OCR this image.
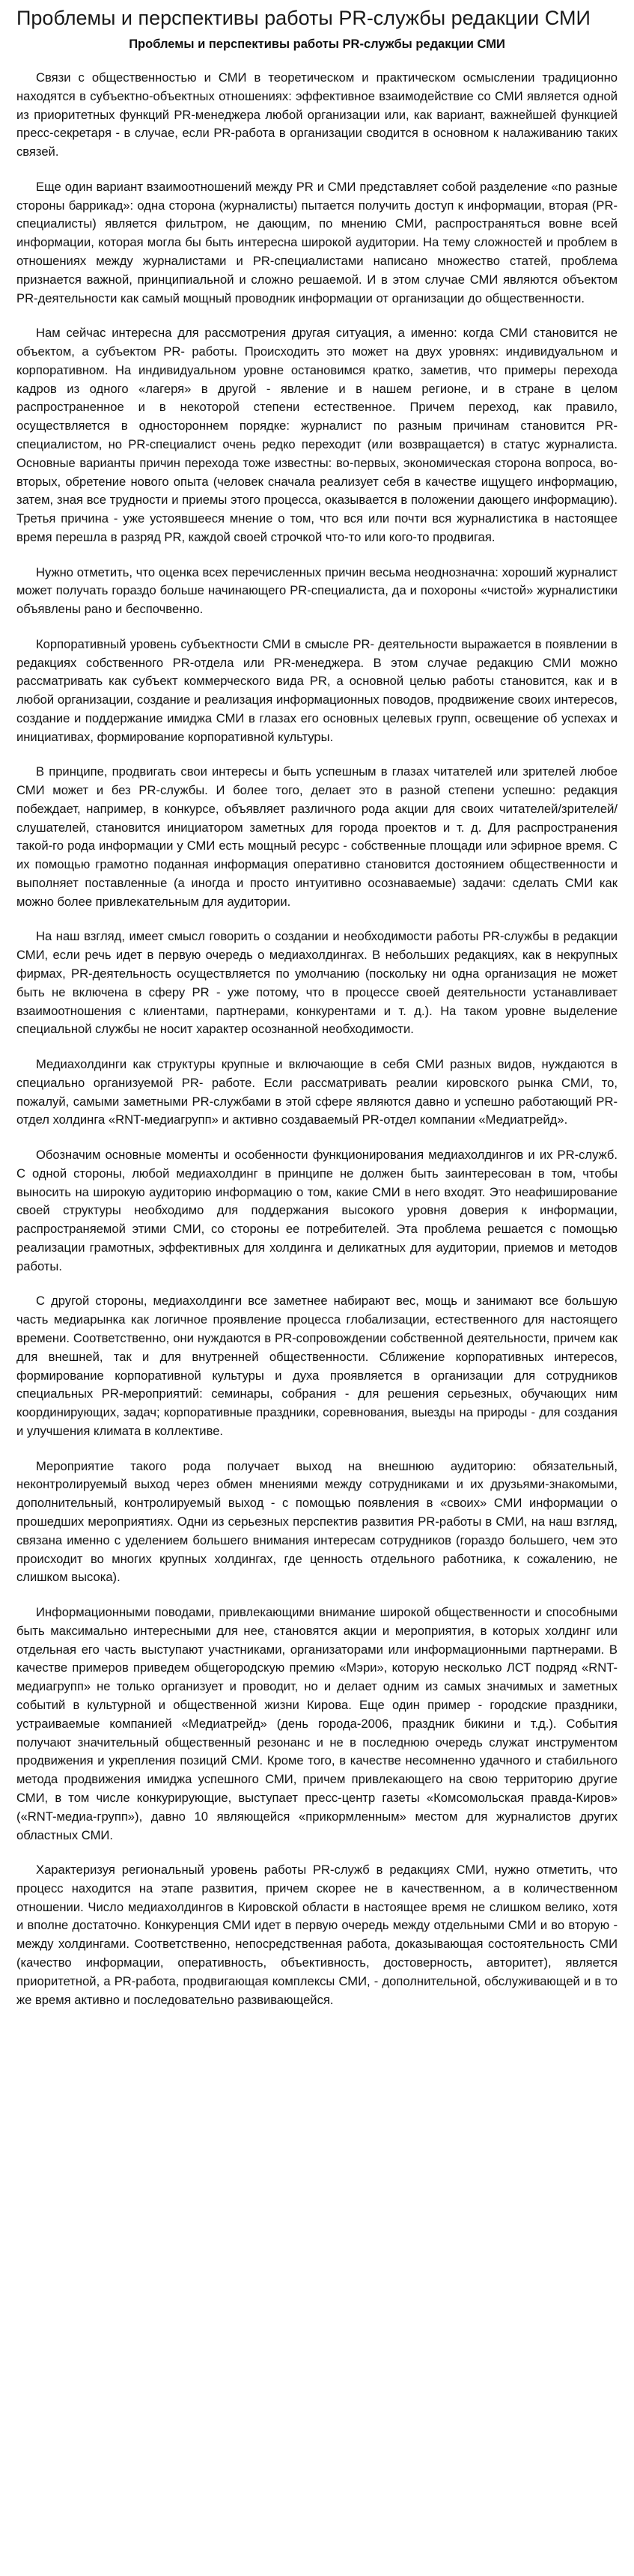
Проблемы и перспективы работы PR-службы редакции СМИ
Проблемы и перспективы работы PR-службы редакции СМИ

Связи с общественностью и СМИ в теоретическом и практическом осмыслении традиционно находятся в субъектно-объектных отношениях: эффективное взаимодействие со СМИ является одной из приоритетных функций PR-менеджера любой организации или, как вариант, важнейшей функцией пресс-секретаря - в случае, если PR-работа в организации сводится в основном к налаживанию таких связей.

Еще один вариант взаимоотношений между PR и СМИ представляет собой разделение «по разные стороны баррикад»: одна сторона (журналисты) пытается получить доступ к информации, вторая (PR-специалисты) является фильтром, не дающим, по мнению СМИ, распространяться вовне всей информации, которая могла бы быть интересна широкой аудитории. На тему сложностей и проблем в отношениях между журналистами и PR-специалистами написано множество статей, проблема признается важной, принципиальной и сложно решаемой. И в этом случае СМИ являются объектом PR-деятельности как самый мощный проводник информации от организации до общественности.

Нам сейчас интересна для рассмотрения другая ситуация, а именно: когда СМИ становится не объектом, а субъектом PR- работы. Происходить это может на двух уровнях: индивидуальном и корпоративном. На индивидуальном уровне остановимся кратко, заметив, что примеры перехода кадров из одного «лагеря» в другой - явление и в нашем регионе, и в стране в целом распространенное и в некоторой степени естественное. Причем переход, как правило, осуществляется в одностороннем порядке: журналист по разным причинам становится PR-специалистом, но PR-специалист очень редко переходит (или возвращается) в статус журналиста. Основные варианты причин перехода тоже известны: во-первых, экономическая сторона вопроса, во-вторых, обретение нового опыта (человек сначала реализует себя в качестве ищущего информацию, затем, зная все трудности и приемы этого процесса, оказывается в положении дающего информацию). Третья причина - уже устоявшееся мнение о том, что вся или почти вся журналистика в настоящее время перешла в разряд PR, каждой своей строчкой что-то или кого-то продвигая.

Нужно отметить, что оценка всех перечисленных причин весьма неоднозначна: хороший журналист может получать гораздо больше начинающего PR-специалиста, да и похороны «чистой» журналистики объявлены рано и беспочвенно.

Корпоративный уровень субъектности СМИ в смысле PR- деятельности выражается в появлении в редакциях собственного PR-отдела или PR-менеджера. В этом случае редакцию СМИ можно рассматривать как субъект коммерческого вида PR, а основной целью работы становится, как и в любой организации, создание и реализация информационных поводов, продвижение своих интересов, создание и поддержание имиджа СМИ в глазах его основных целевых групп, освещение об успехах и инициативах, формирование корпоративной культуры.

В принципе, продвигать свои интересы и быть успешным в глазах читателей или зрителей любое СМИ может и без PR-службы. И более того, делает это в разной степени успешно: редакция побеждает, например, в конкурсе, объявляет различного рода акции для своих читателей/зрителей/слушателей, становится инициатором заметных для города проектов и т. д. Для распространения такой-го рода информации у СМИ есть мощный ресурс - собственные площади или эфирное время. С их помощью грамотно поданная информация оперативно становится достоянием общественности и выполняет поставленные (а иногда и просто интуитивно осознаваемые) задачи: сделать СМИ как можно более привлекательным для аудитории.

На наш взгляд, имеет смысл говорить о создании и необходимости работы PR-службы в редакции СМИ, если речь идет в первую очередь о медиахолдингах. В небольших редакциях, как в некрупных фирмах, PR-деятельность осуществляется по умолчанию (поскольку ни одна организация не может быть не включена в сферу PR - уже потому, что в процессе своей деятельности устанавливает взаимоотношения с клиентами, партнерами, конкурентами и т. д.). На таком уровне выделение специальной службы не носит характер осознанной необходимости.

Медиахолдинги как структуры крупные и включающие в себя СМИ разных видов, нуждаются в специально организуемой PR- работе. Если рассматривать реалии кировского рынка СМИ, то, пожалуй, самыми заметными PR-службами в этой сфере являются давно и успешно работающий PR-отдел холдинга «RNT-медиагрупп» и активно создаваемый PR-отдел компании «Медиатрейд».

Обозначим основные моменты и особенности функционирования медиахолдингов и их PR-служб. С одной стороны, любой медиахолдинг в принципе не должен быть заинтересован в том, чтобы выносить на широкую аудиторию информацию о том, какие СМИ в него входят. Это неафиширование своей структуры необходимо для поддержания высокого уровня доверия к информации, распространяемой этими СМИ, со стороны ее потребителей. Эта проблема решается с помощью реализации грамотных, эффективных для холдинга и деликатных для аудитории, приемов и методов работы.

С другой стороны, медиахолдинги все заметнее набирают вес, мощь и занимают все большую часть медиарынка как логичное проявление процесса глобализации, естественного для настоящего времени. Соответственно, они нуждаются в PR-сопровождении собственной деятельности, причем как для внешней, так и для внутренней общественности. Сближение корпоративных интересов, формирование корпоративной культуры и духа проявляется в организации для сотрудников специальных PR-мероприятий: семинары, собрания - для решения серьезных, обучающих ним координирующих, задач; корпоративные праздники, соревнования, выезды на природы - для создания и улучшения климата в коллективе.

Мероприятие такого рода получает выход на внешнюю аудиторию: обязательный, неконтролируемый выход через обмен мнениями между сотрудниками и их друзьями-знакомыми, дополнительный, контролируемый выход - с помощью появления в «своих» СМИ информации о прошедших мероприятиях. Одни из серьезных перспектив развития PR-работы в СМИ, на наш взгляд, связана именно с уделением большего внимания интересам сотрудников (гораздо большего, чем это происходит во многих крупных холдингах, где ценность отдельного работника, к сожалению, не слишком высока).

Информационными поводами, привлекающими внимание широкой общественности и способными быть максимально интересными для нее, становятся акции и мероприятия, в которых холдинг или отдельная его часть выступают участниками, организаторами или информационными партнерами. В качестве примеров приведем общегородскую премию «Мэри», которую несколько ЛСТ подряд «RNT-медиагрупп» не только организует и проводит, но и делает одним из самых значимых и заметных событий в культурной и общественной жизни Кирова. Еще один пример - городские праздники, устраиваемые компанией «Медиатрейд» (день города-2006, праздник бикини и т.д.). События получают значительный общественный резонанс и не в последнюю очередь служат инструментом продвижения и укрепления позиций СМИ. Кроме того, в качестве несомненно удачного и стабильного метода продвижения имиджа успешного СМИ, причем привлекающего на свою территорию другие СМИ, в том числе конкурирующие, выступает пресс-центр газеты «Комсомольская правда-Киров» («RNT-медиа-групп»), давно 10 являющейся «прикормленным» местом для журналистов других областных СМИ.

Характеризуя региональный уровень работы PR-служб в редакциях СМИ, нужно отметить, что процесс находится на этапе развития, причем скорее не в качественном, а в количественном отношении. Число медиахолдингов в Кировской области в настоящее время не слишком велико, хотя и вполне достаточно. Конкуренция СМИ идет в первую очередь между отдельными СМИ и во вторую - между холдингами. Соответственно, непосредственная работа, доказывающая состоятельность СМИ (качество информации, оперативность, объективность, достоверность, авторитет), является приоритетной, а PR-работа, продвигающая комплексы СМИ, - дополнительной, обслуживающей и в то же время активно и последовательно развивающейся.
